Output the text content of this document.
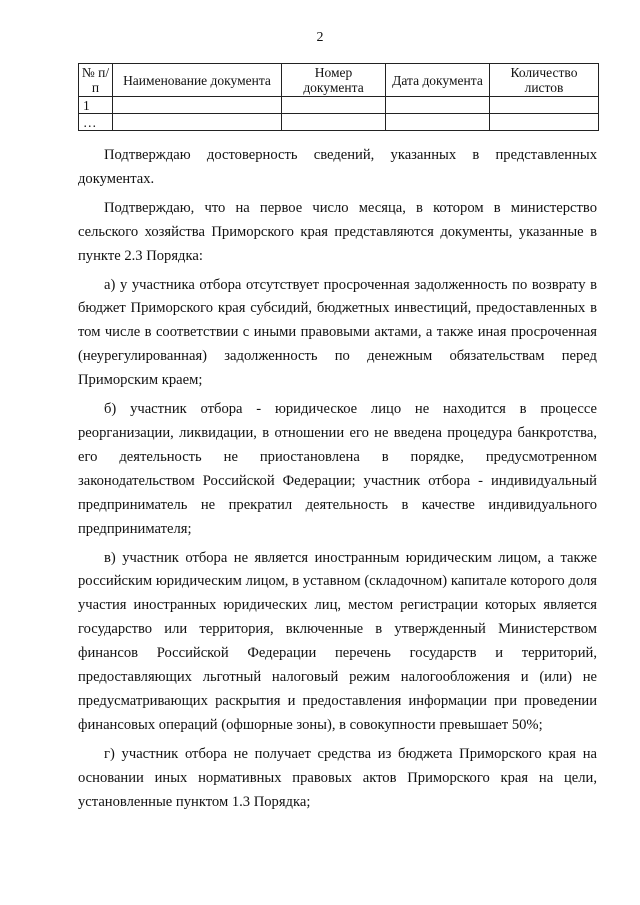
2
№ п/п	Наименование документа	Номер документа	Дата документа	Количество листов
1				
…				

Подтверждаю достоверность сведений, указанных в представленных документах.

Подтверждаю, что на первое число месяца, в котором в министерство сельского хозяйства Приморского края представляются документы, указанные в пункте 2.3 Порядка:

а) у участника отбора отсутствует просроченная задолженность по возврату в бюджет Приморского края субсидий, бюджетных инвестиций, предоставленных в том числе в соответствии с иными правовыми актами, а также иная просроченная (неурегулированная) задолженность по денежным обязательствам перед Приморским краем;

б) участник отбора - юридическое лицо не находится в процессе реорганизации, ликвидации, в отношении его не введена процедура банкротства, его деятельность не приостановлена в порядке, предусмотренном законодательством Российской Федерации; участник отбора - индивидуальный предприниматель не прекратил деятельность в качестве индивидуального предпринимателя;

в) участник отбора не является иностранным юридическим лицом, а также российским юридическим лицом, в уставном (складочном) капитале которого доля участия иностранных юридических лиц, местом регистрации которых является государство или территория, включенные в утвержденный Министерством финансов Российской Федерации перечень государств и территорий, предоставляющих льготный налоговый режим налогообложения и (или) не предусматривающих раскрытия и предоставления информации при проведении финансовых операций (офшорные зоны), в совокупности превышает 50%;

г) участник отбора не получает средства из бюджета Приморского края на основании иных нормативных правовых актов Приморского края на цели, установленные пунктом 1.3 Порядка;
